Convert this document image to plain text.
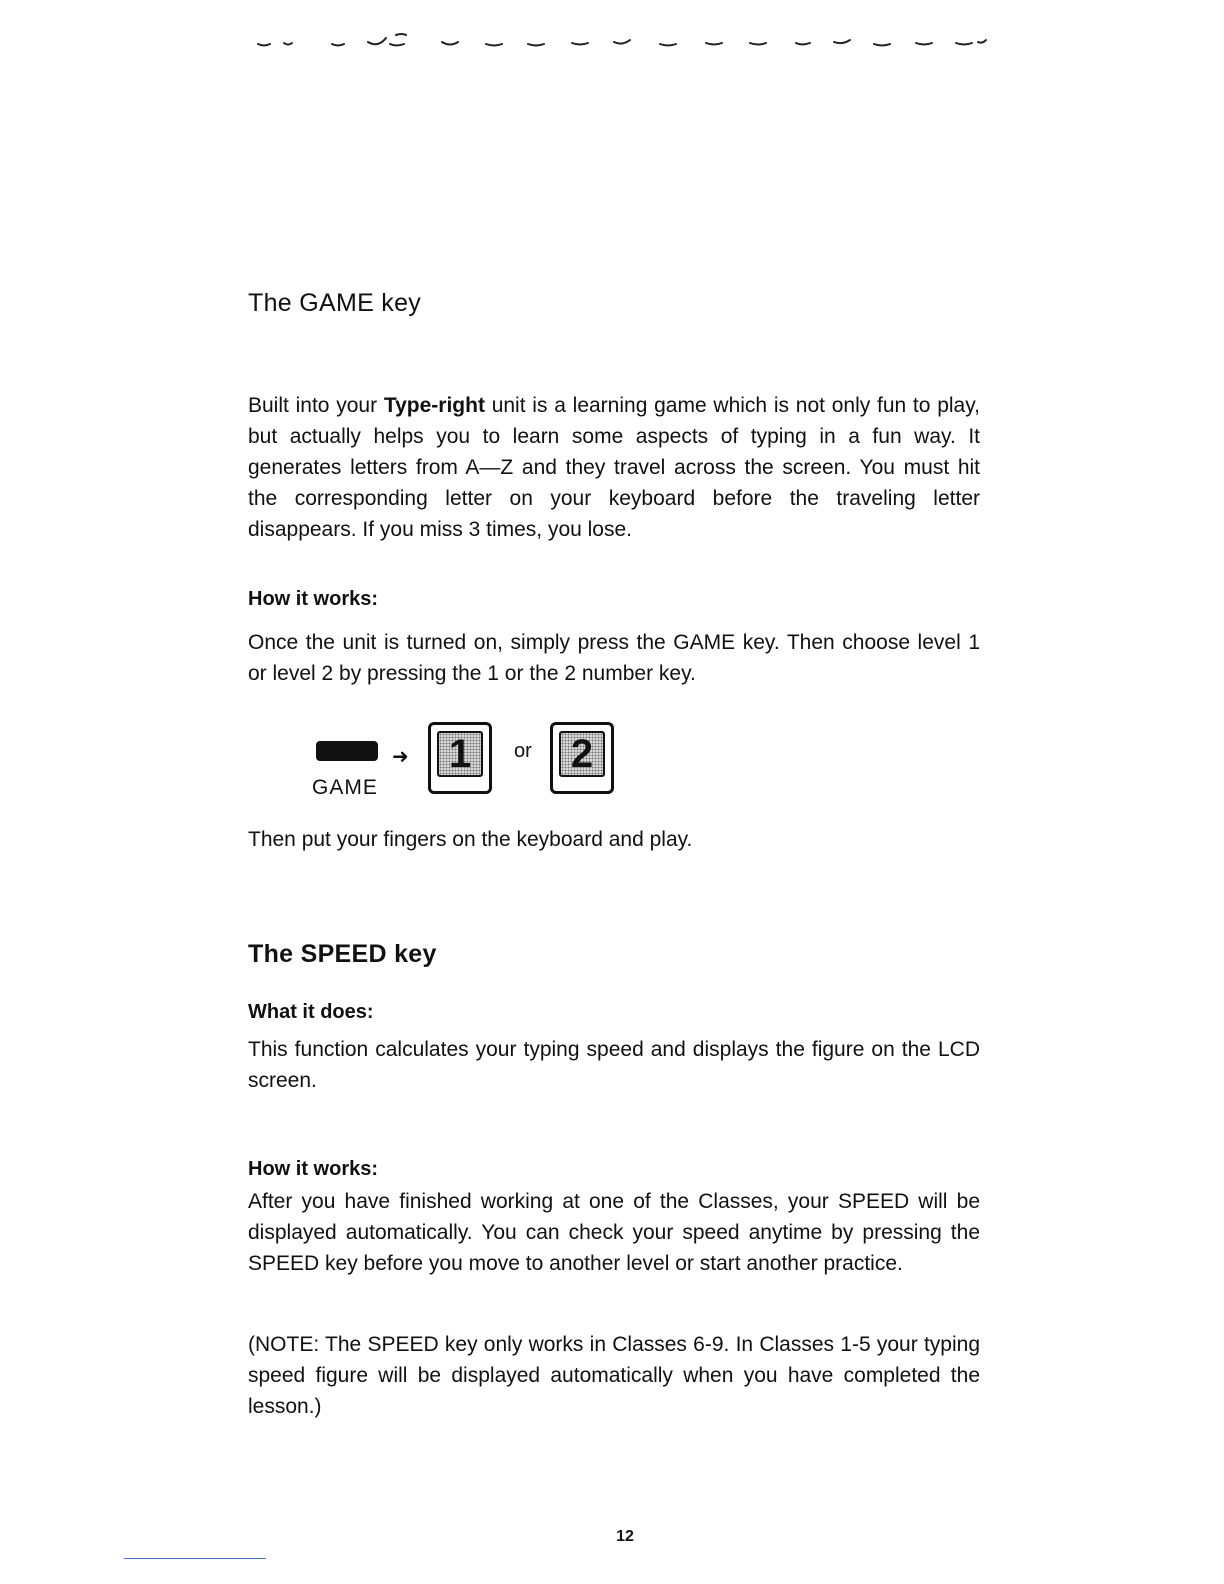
The GAME key

Built into your Type-right unit is a learning game which is not only fun to play, but actually helps you to learn some aspects of typing in a fun way. It generates letters from A—Z and they travel across the screen. You must hit the corresponding letter on your keyboard before the traveling letter disappears. If you miss 3 times, you lose.

How it works:

Once the unit is turned on, simply press the GAME key. Then choose level 1 or level 2 by pressing the 1 or the 2 number key.

GAME
➜ 1	or 2

Then put your fingers on the keyboard and play.

The SPEED key
What it does:

This function calculates your typing speed and displays the figure on the LCD screen.

How it works:

After you have finished working at one of the Classes, your SPEED will be displayed automatically. You can check your speed anytime by pressing the SPEED key before you move to another level or start another practice.

(NOTE: The SPEED key only works in Classes 6-9. In Classes 1-5 your typing speed figure will be displayed automatically when you have completed the lesson.)

12
